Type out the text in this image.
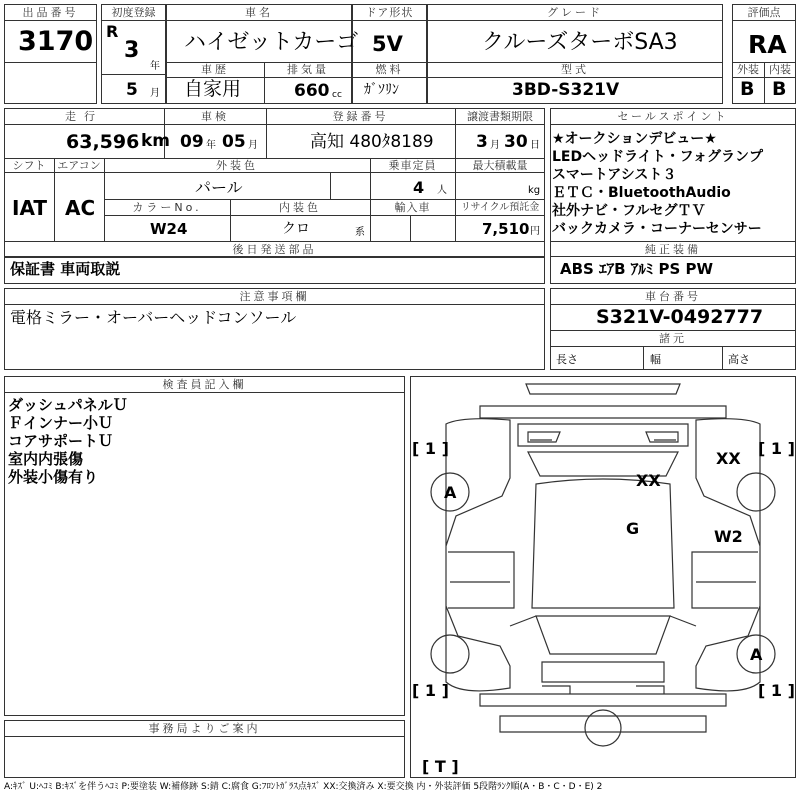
出品番号
3170
初度登録
R
3
年
5 月
車名
ハイゼットカーゴ
車歴
自家用
排気量
660 cc
ドア形状
5V
燃料
ｶﾞｿﾘﾝ
グレード
クルーズターボSA3
型式
3BD-S321V
評価点
RA
外装 内装
B B
走行
63,596 km
車検
09 年 05 月
登録番号
高知 480ﾀ8189
譲渡書類期限
3 月 30 日
シフト
IAT
エアコン
AC
外装色
パール
乗車定員
4 人
最大積載量
kg
カラーNo.
W24
内装色
クロ	系
輸入車	リサイクル預託金
7,510 円
後日発送部品
保証書 車両取説
セールスポイント
★オークションデビュー★
LEDヘッドライト・フォグランプ
スマートアシスト３
ＥＴＣ・BluetoothAudio
社外ナビ・フルセグＴＶ
バックカメラ・コーナーセンサー
純正装備
ABS ｴｱB ｱﾙﾐ PS PW
注意事項欄
電格ミラー・オーバーヘッドコンソール
車台番号
S321V-0492777
諸元
長さ	幅	高さ
検査員記入欄
ダッシュパネルＵ
Ｆインナー小Ｕ
コアサポートＵ
室内内張傷
外装小傷有り
事務局よりご案内
[ 1 ]	[ 1 ]
[ 1 ]	[ 1 ]
[ T ]
A
A
XX
XX
G	W2
A:ｷｽﾞ U:ﾍｺﾐ B:ｷｽﾞを伴うﾍｺﾐ P:要塗装 W:補修跡 S:錆 C:腐食 G:ﾌﾛﾝﾄｶﾞﾗｽ点ｷｽﾞ XX:交換済み X:要交換 内・外装評価 5段階ﾗﾝｸ順(A・B・C・D・E) 2
